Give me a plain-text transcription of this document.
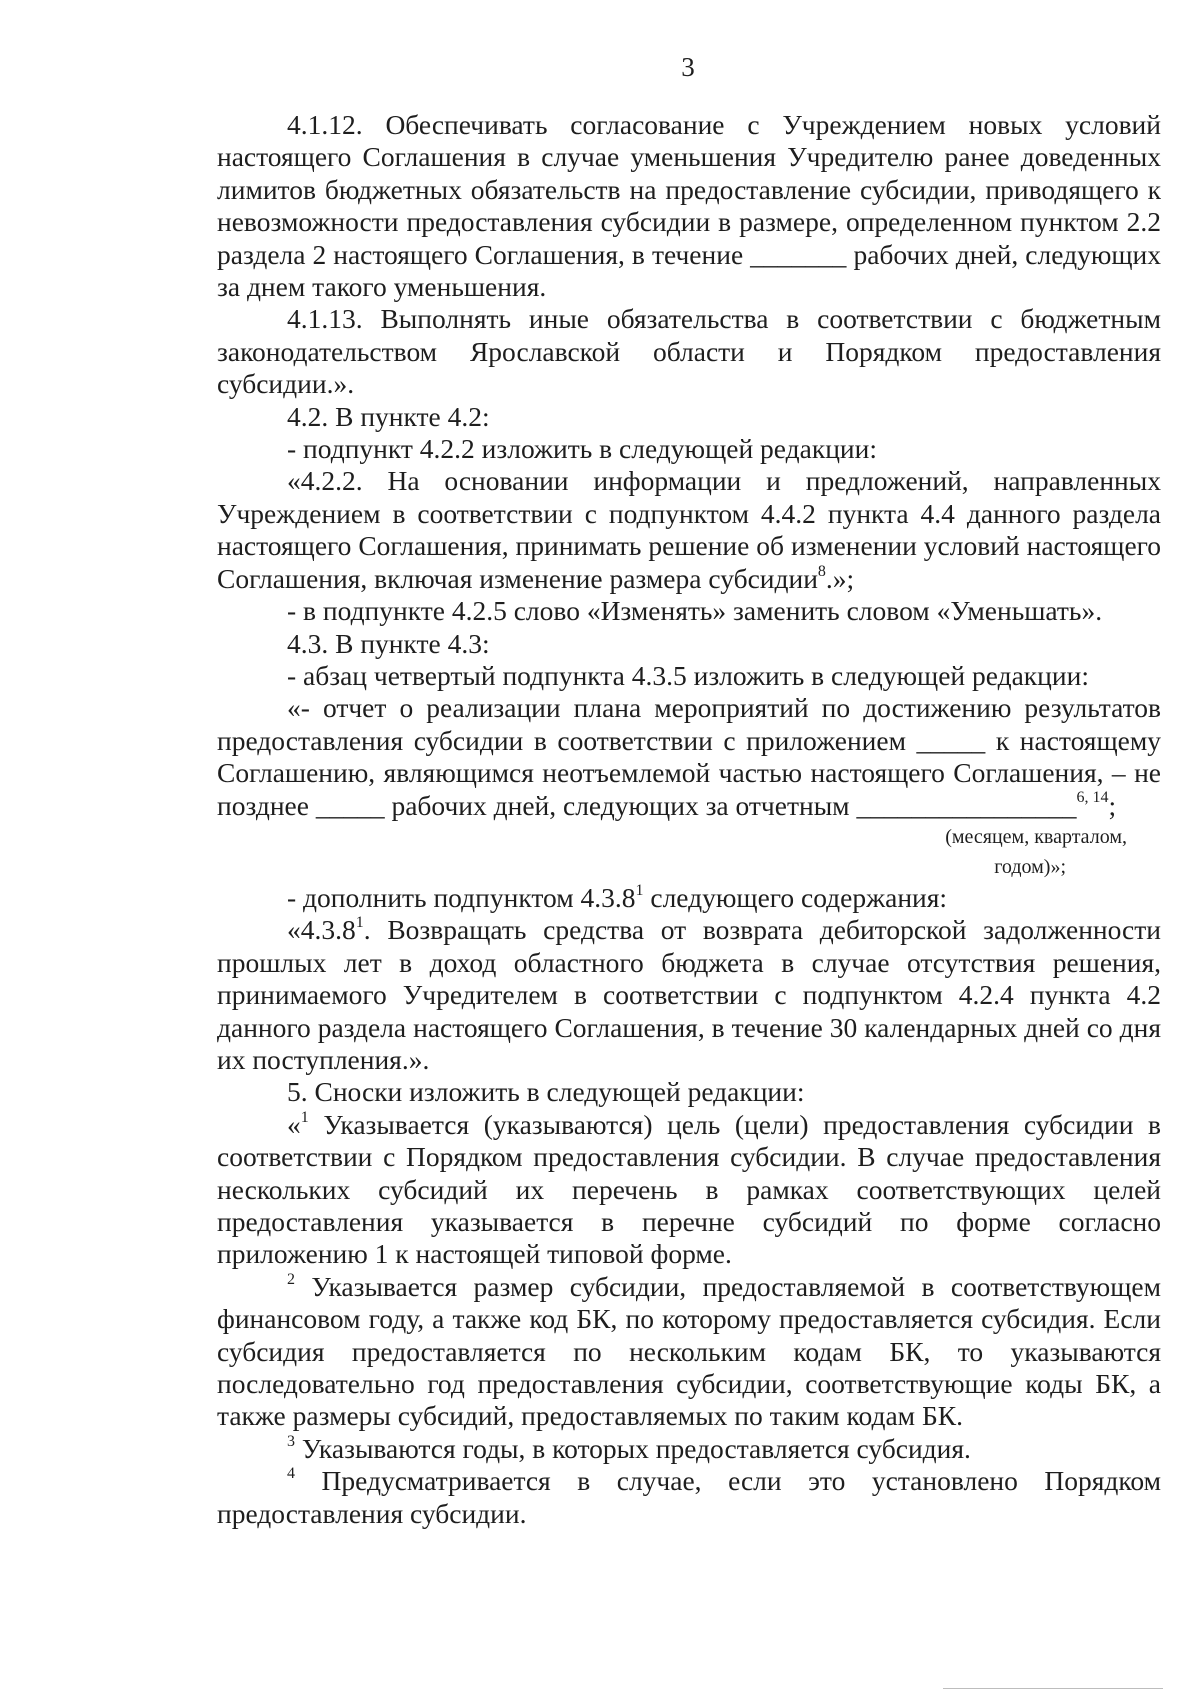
3

4.1.12. Обеспечивать согласование с Учреждением новых условий настоящего Соглашения в случае уменьшения Учредителю ранее доведенных лимитов бюджетных обязательств на предоставление субсидии, приводящего к невозможности предоставления субсидии в размере, определенном пунктом 2.2 раздела 2 настоящего Соглашения, в течение _______ рабочих дней, следующих за днем такого уменьшения.

4.1.13. Выполнять иные обязательства в соответствии с бюджетным законодательством Ярославской области и Порядком предоставления субсидии.».

4.2. В пункте 4.2:

- подпункт 4.2.2 изложить в следующей редакции:

«4.2.2. На основании информации и предложений, направленных Учреждением в соответствии с подпунктом 4.4.2 пункта 4.4 данного раздела настоящего Соглашения, принимать решение об изменении условий настоящего Соглашения, включая изменение размера субсидии$^8$.»;

- в подпункте 4.2.5 слово «Изменять» заменить словом «Уменьшать».

4.3. В пункте 4.3:

- абзац четвертый подпункта 4.3.5 изложить в следующей редакции:

«- отчет о реализации плана мероприятий по достижению результатов предоставления субсидии в соответствии с приложением _____ к настоящему Соглашению, являющимся неотъемлемой частью настоящего Соглашения, – не позднее _____ рабочих дней, следующих за отчетным ________________$^{6, 14}$;

(месяцем, кварталом,

годом)»;

- дополнить подпунктом 4.3.8$^1$ следующего содержания:

«4.3.8$^1$. Возвращать средства от возврата дебиторской задолженности прошлых лет в доход областного бюджета в случае отсутствия решения, принимаемого Учредителем в соответствии с подпунктом 4.2.4 пункта 4.2 данного раздела настоящего Соглашения, в течение 30 календарных дней со дня их поступления.».

5. Сноски изложить в следующей редакции:

«$^1$ Указывается (указываются) цель (цели) предоставления субсидии в соответствии с Порядком предоставления субсидии. В случае предоставления нескольких субсидий их перечень в рамках соответствующих целей предоставления указывается в перечне субсидий по форме согласно приложению 1 к настоящей типовой форме.

$^2$ Указывается размер субсидии, предоставляемой в соответствующем финансовом году, а также код БК, по которому предоставляется субсидия. Если субсидия предоставляется по нескольким кодам БК, то указываются последовательно год предоставления субсидии, соответствующие коды БК, а также размеры субсидий, предоставляемых по таким кодам БК.

$^3$ Указываются годы, в которых предоставляется субсидия.

$^4$ Предусматривается в случае, если это установлено Порядком предоставления субсидии.
